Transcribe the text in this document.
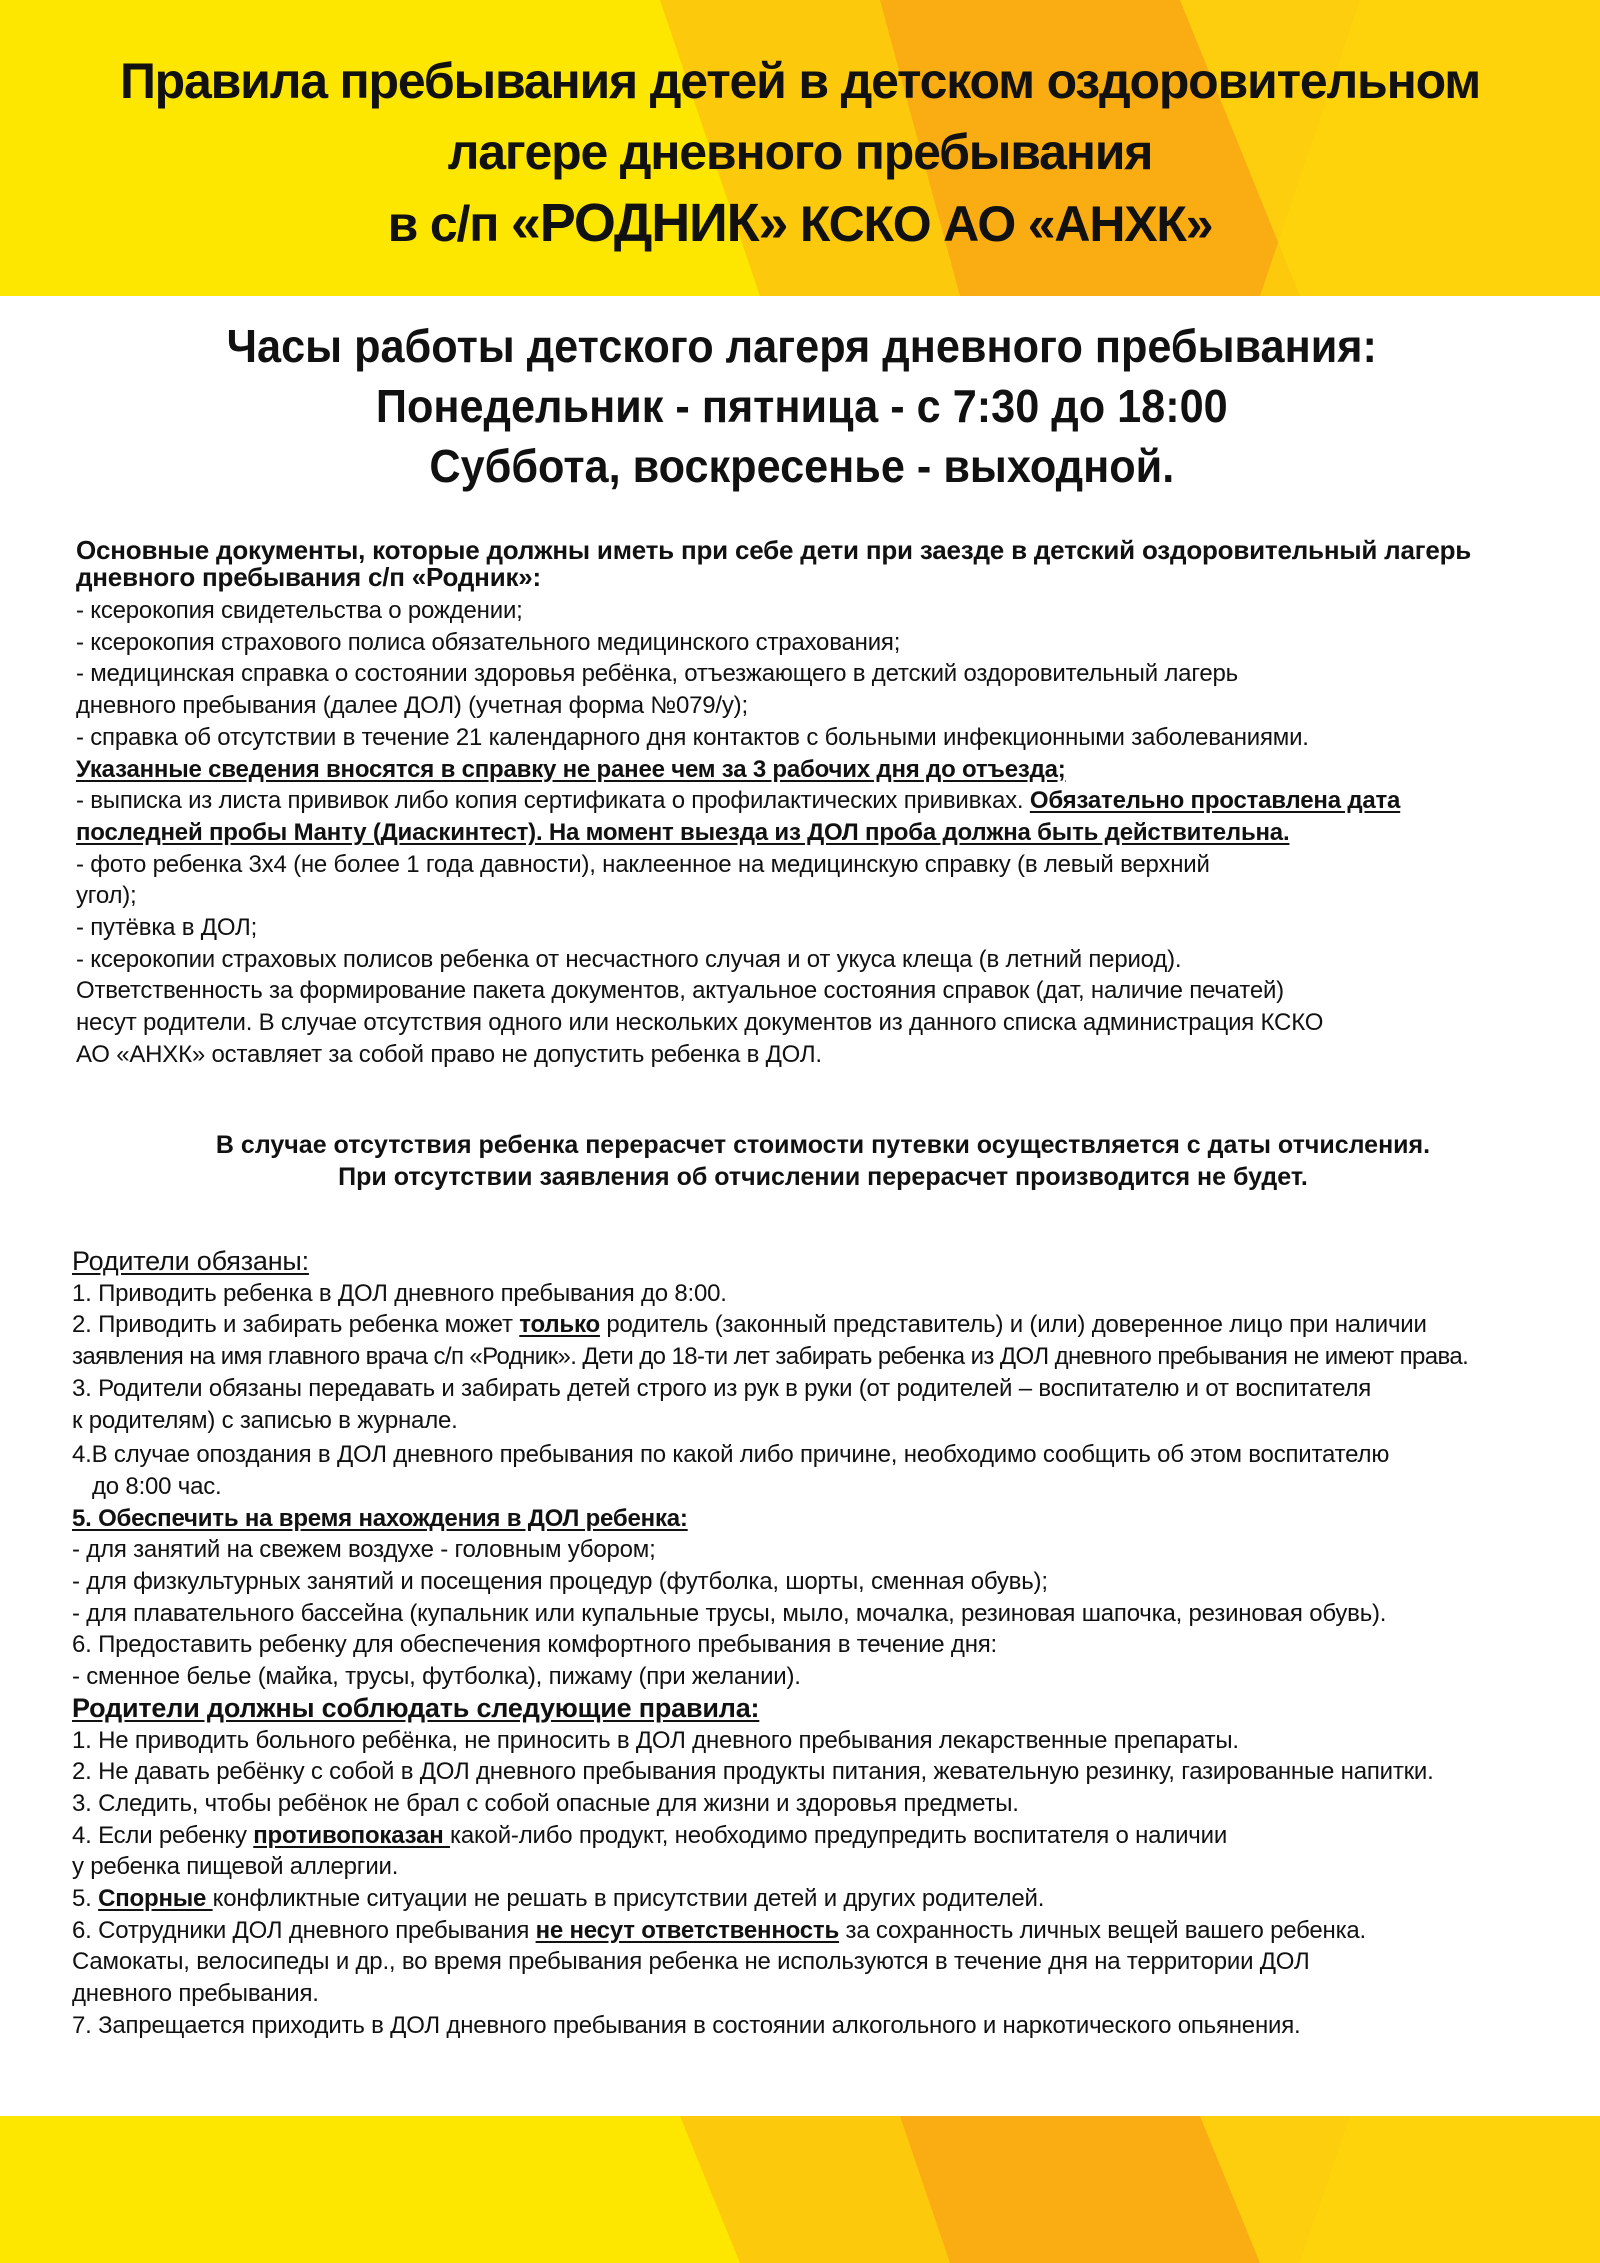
Правила пребывания детей в детском оздоровительном
лагере дневного пребывания
в с/п «РОДНИК» КСКО АО «АНХК»
Часы работы детского лагеря дневного пребывания:
Понедельник - пятница - с 7:30 до 18:00
Суббота, воскресенье - выходной.
Основные документы, которые должны иметь при себе дети при заезде в детский оздоровительный лагерь
дневного пребывания с/п «Родник»:
- ксерокопия свидетельства о рождении;
- ксерокопия страхового полиса обязательного медицинского страхования;
- медицинская справка о состоянии здоровья ребёнка, отъезжающего в детский оздоровительный лагерь
дневного пребывания (далее ДОЛ) (учетная форма №079/у);
- справка об отсутствии в течение 21 календарного дня контактов с больными инфекционными заболеваниями.
Указанные сведения вносятся в справку не ранее чем за 3 рабочих дня до отъезда;
- выписка из листа прививок либо копия сертификата о профилактических прививках. Обязательно проставлена дата
последней пробы Манту (Диаскинтест). На момент выезда из ДОЛ проба должна быть действительна.
- фото ребенка 3х4 (не более 1 года давности), наклеенное на медицинскую справку (в левый верхний
угол);
- путёвка в ДОЛ;
- ксерокопии страховых полисов ребенка от несчастного случая и от укуса клеща (в летний период).
Ответственность за формирование пакета документов, актуальное состояния справок (дат, наличие печатей)
несут родители. В случае отсутствия одного или нескольких документов из данного списка администрация КСКО
АО «АНХК» оставляет за собой право не допустить ребенка в ДОЛ.
В случае отсутствия ребенка перерасчет стоимости путевки осуществляется с даты отчисления.
При отсутствии заявления об отчислении перерасчет производится не будет.
Родители обязаны:
1. Приводить ребенка в ДОЛ дневного пребывания до 8:00.
2. Приводить и забирать ребенка может только родитель (законный представитель) и (или) доверенное лицо при наличии
заявления на имя главного врача с/п «Родник». Дети до 18-ти лет забирать ребенка из ДОЛ дневного пребывания не имеют права.
3. Родители обязаны передавать и забирать детей строго из рук в руки (от родителей – воспитателю и от воспитателя
к родителям) с записью в журнале.
4.В случае опоздания в ДОЛ дневного пребывания по какой либо причине, необходимо сообщить об этом воспитателю
до 8:00 час.
5. Обеспечить на время нахождения в ДОЛ ребенка:
- для занятий на свежем воздухе - головным убором;
- для физкультурных занятий и посещения процедур (футболка, шорты, сменная обувь);
- для плавательного бассейна (купальник или купальные трусы, мыло, мочалка, резиновая шапочка, резиновая обувь).
6. Предоставить ребенку для обеспечения комфортного пребывания в течение дня:
- сменное белье (майка, трусы, футболка), пижаму (при желании).
Родители должны соблюдать следующие правила:
1. Не приводить больного ребёнка, не приносить в ДОЛ дневного пребывания лекарственные препараты.
2. Не давать ребёнку с собой в ДОЛ дневного пребывания продукты питания, жевательную резинку, газированные напитки.
3. Следить, чтобы ребёнок не брал с собой опасные для жизни и здоровья предметы.
4. Если ребенку противопоказан какой-либо продукт, необходимо предупредить воспитателя о наличии
у ребенка пищевой аллергии.
5. Спорные конфликтные ситуации не решать в присутствии детей и других родителей.
6. Сотрудники ДОЛ дневного пребывания не несут ответственность за сохранность личных вещей вашего ребенка.
Самокаты, велосипеды и др., во время пребывания ребенка не используются в течение дня на территории ДОЛ
дневного пребывания.
7. Запрещается приходить в ДОЛ дневного пребывания в состоянии алкогольного и наркотического опьянения.
